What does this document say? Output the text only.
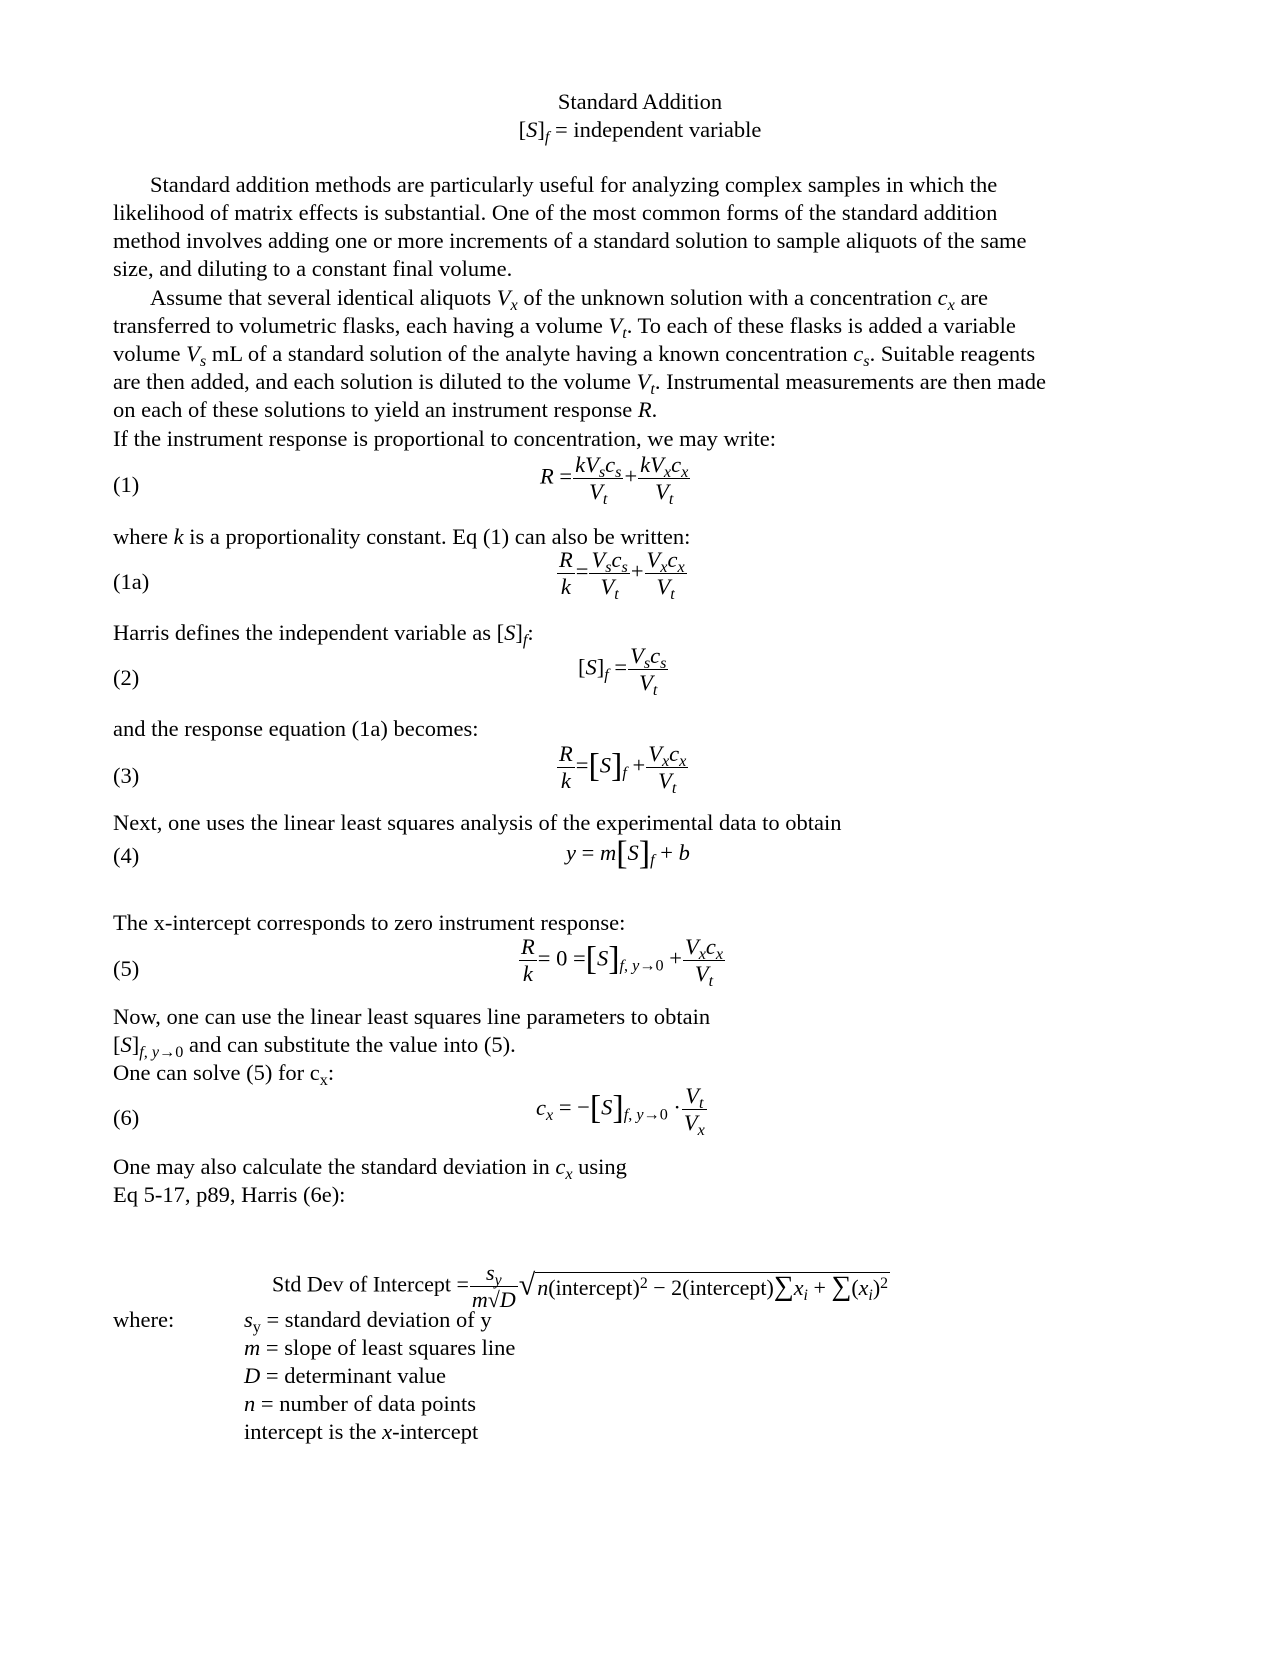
Standard Addition
$[S]_f$ = independent variable
Standard addition methods are particularly useful for analyzing complex samples in which the
likelihood of matrix effects is substantial. One of the most common forms of the standard addition
method involves adding one or more increments of a standard solution to sample aliquots of the same
size, and diluting to a constant final volume.
Assume that several identical aliquots $V_x$ of the unknown solution with a concentration $c_x$ are
transferred to volumetric flasks, each having a volume $V_t$. To each of these flasks is added a variable
volume $V_s$ mL of a standard solution of the analyte having a known concentration $c_s$. Suitable reagents
are then added, and each solution is diluted to the volume $V_t$. Instrumental measurements are then made
on each of these solutions to yield an instrument response R.
If the instrument response is proportional to concentration, we may write:
(1)	$R = \frac{kV_sc_s}{V_t} + \frac{kV_xc_x}{V_t}$
where k is a proportionality constant. Eq (1) can also be written:
(1a)	$\frac{R}{k} = \frac{V_sc_s}{V_t} + \frac{V_xc_x}{V_t}$
Harris defines the independent variable as $[S]_f$:
(2)	$[S]_f = \frac{V_sc_s}{V_t}$
and the response equation (1a) becomes:
(3)	$\frac{R}{k} =[S]_f + \frac{V_xc_x}{V_t}$
Next, one uses the linear least squares analysis of the experimental data to obtain
(4)	$y = m[S]_f + b$
The x-intercept corresponds to zero instrument response:
(5)	$\frac{R}{k} = 0 =[S]_{f, y\to 0} + \frac{V_xc_x}{V_t}$
Now, one can use the linear least squares line parameters to obtain
$[S]_{f, y\to 0}$ and can substitute the value into (5).
One can solve (5) for $c_x$:
(6)	$c_x = -[S]_{f, y\to 0} \cdot \frac{V_t}{V_x}$
One may also calculate the standard deviation in $c_x$ using
Eq 5-17, p89, Harris (6e):
Std Dev of Intercept = $\frac{s_y}{m√D}$ √n(intercept)$^2$ − $2(intercept)\sum x_i + \sum(x_i)^2$
where:	$s_y$ = standard deviation of y
m = slope of least squares line
D = determinant value
n = number of data points
intercept is the x-intercept
